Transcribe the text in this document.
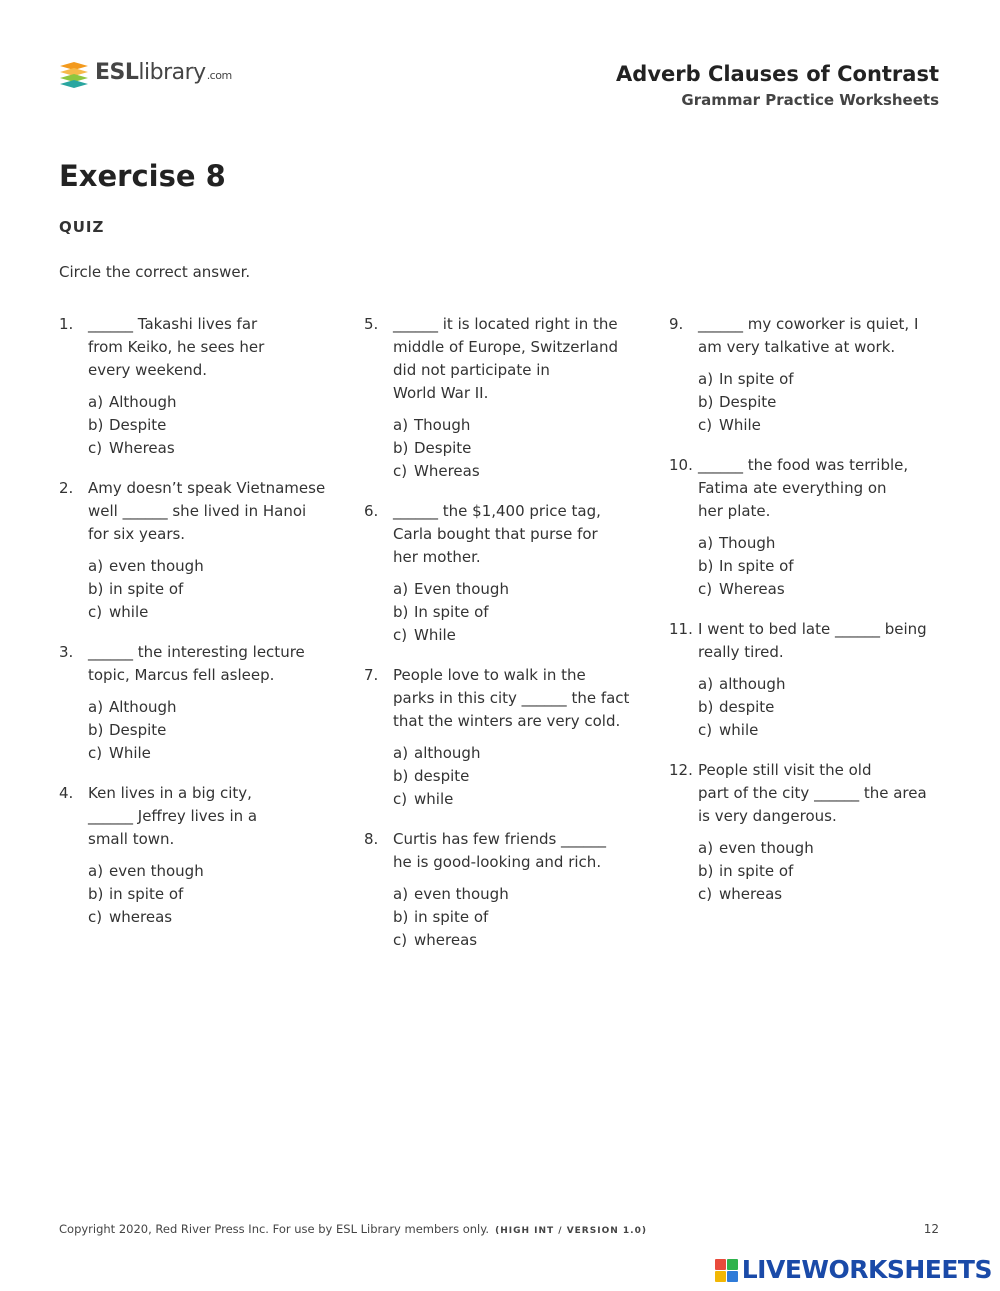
ESLlibrary.com	Adverb Clauses of Contrast
Grammar Practice Worksheets
Exercise 8
QUIZ
Circle the correct answer.
1. ______ Takashi lives far
from Keiko, he sees her
every weekend.

a) Although
b) Despite
c) Whereas
2. Amy doesn’t speak Vietnamese
well ______ she lived in Hanoi
for six years.

a) even though
b) in spite of
c) while
3. ______ the interesting lecture
topic, Marcus fell asleep.

a) Although
b) Despite
c) While
4. Ken lives in a big city,
______ Jeffrey lives in a
small town.

a) even though
b) in spite of
c) whereas
5. ______ it is located right in the
middle of Europe, Switzerland
did not participate in
World War II.

a) Though
b) Despite
c) Whereas
6. ______ the $1,400 price tag,
Carla bought that purse for
her mother.

a) Even though
b) In spite of
c) While
7. People love to walk in the
parks in this city ______ the fact
that the winters are very cold.

a) although
b) despite
c) while
8. Curtis has few friends ______
he is good-looking and rich.

a) even though
b) in spite of
c) whereas
9. ______ my coworker is quiet, I
am very talkative at work.

a) In spite of
b) Despite
c) While
10. ______ the food was terrible,
Fatima ate everything on
her plate.

a) Though
b) In spite of
c) Whereas
11. I went to bed late ______ being
really tired.

a) although
b) despite
c) while
12. People still visit the old
part of the city ______ the area
is very dangerous.

a) even though
b) in spite of
c) whereas
Copyright 2020, Red River Press Inc. For use by ESL Library members only. (HIGH INT / VERSION 1.0)	12
LIVEWORKSHEETS
